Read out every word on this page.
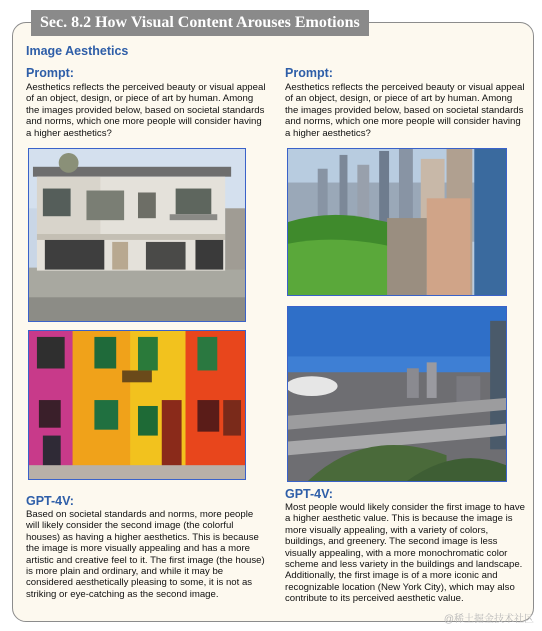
Sec. 8.2 How Visual Content Arouses Emotions
Image Aesthetics
Prompt:
Aesthetics reflects the perceived beauty or visual appeal of an object, design, or piece of art by human. Among the images provided below, based on societal standards and norms, which one more people will consider having a higher aesthetics?
GPT-4V:
Based on societal standards and norms, more people will likely consider the second image (the colorful houses) as having a higher aesthetics. This is because the image is more visually appealing and has a more artistic and creative feel to it. The first image (the house) is more plain and ordinary, and while it may be considered aesthetically pleasing to some, it is not as striking or eye-catching as the second image.
Prompt:
Aesthetics reflects the perceived beauty or visual appeal of an object, design, or piece of art by human. Among the images provided below, based on societal standards and norms, which one more people will consider having a higher aesthetics?
GPT-4V:
Most people would likely consider the first image to have a higher aesthetic value. This is because the image is more visually appealing, with a variety of colors, buildings, and greenery. The second image is less visually appealing, with a more monochromatic color scheme and less variety in the buildings and landscape. Additionally, the first image is of a more iconic and recognizable location (New York City), which may also contribute to its perceived aesthetic value.
@稀土掘金技术社区
